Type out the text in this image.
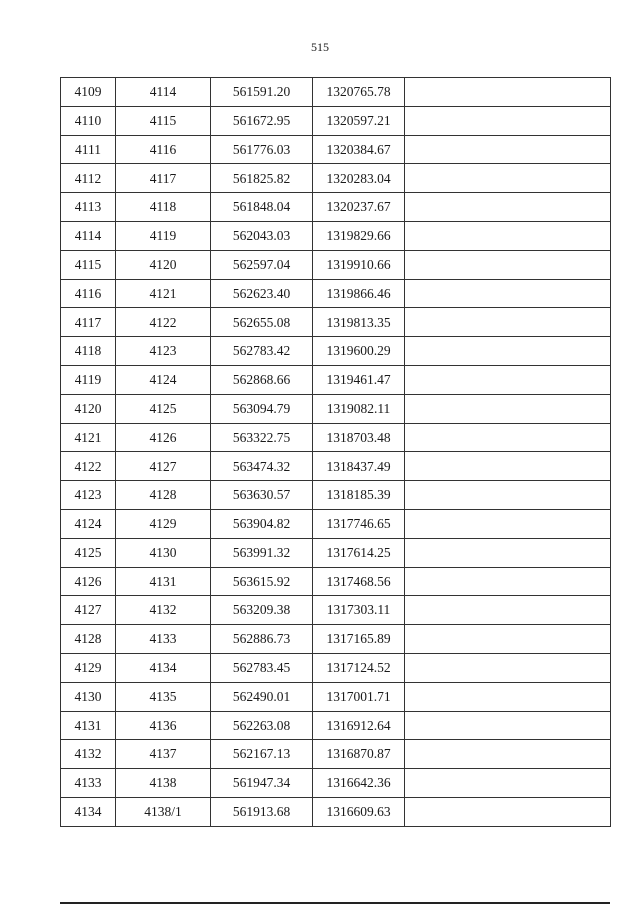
515
4109	4114	561591.20	1320765.78	
4110	4115	561672.95	1320597.21	
4111	4116	561776.03	1320384.67	
4112	4117	561825.82	1320283.04	
4113	4118	561848.04	1320237.67	
4114	4119	562043.03	1319829.66	
4115	4120	562597.04	1319910.66	
4116	4121	562623.40	1319866.46	
4117	4122	562655.08	1319813.35	
4118	4123	562783.42	1319600.29	
4119	4124	562868.66	1319461.47	
4120	4125	563094.79	1319082.11	
4121	4126	563322.75	1318703.48	
4122	4127	563474.32	1318437.49	
4123	4128	563630.57	1318185.39	
4124	4129	563904.82	1317746.65	
4125	4130	563991.32	1317614.25	
4126	4131	563615.92	1317468.56	
4127	4132	563209.38	1317303.11	
4128	4133	562886.73	1317165.89	
4129	4134	562783.45	1317124.52	
4130	4135	562490.01	1317001.71	
4131	4136	562263.08	1316912.64	
4132	4137	562167.13	1316870.87	
4133	4138	561947.34	1316642.36	
4134	4138/1	561913.68	1316609.63	
